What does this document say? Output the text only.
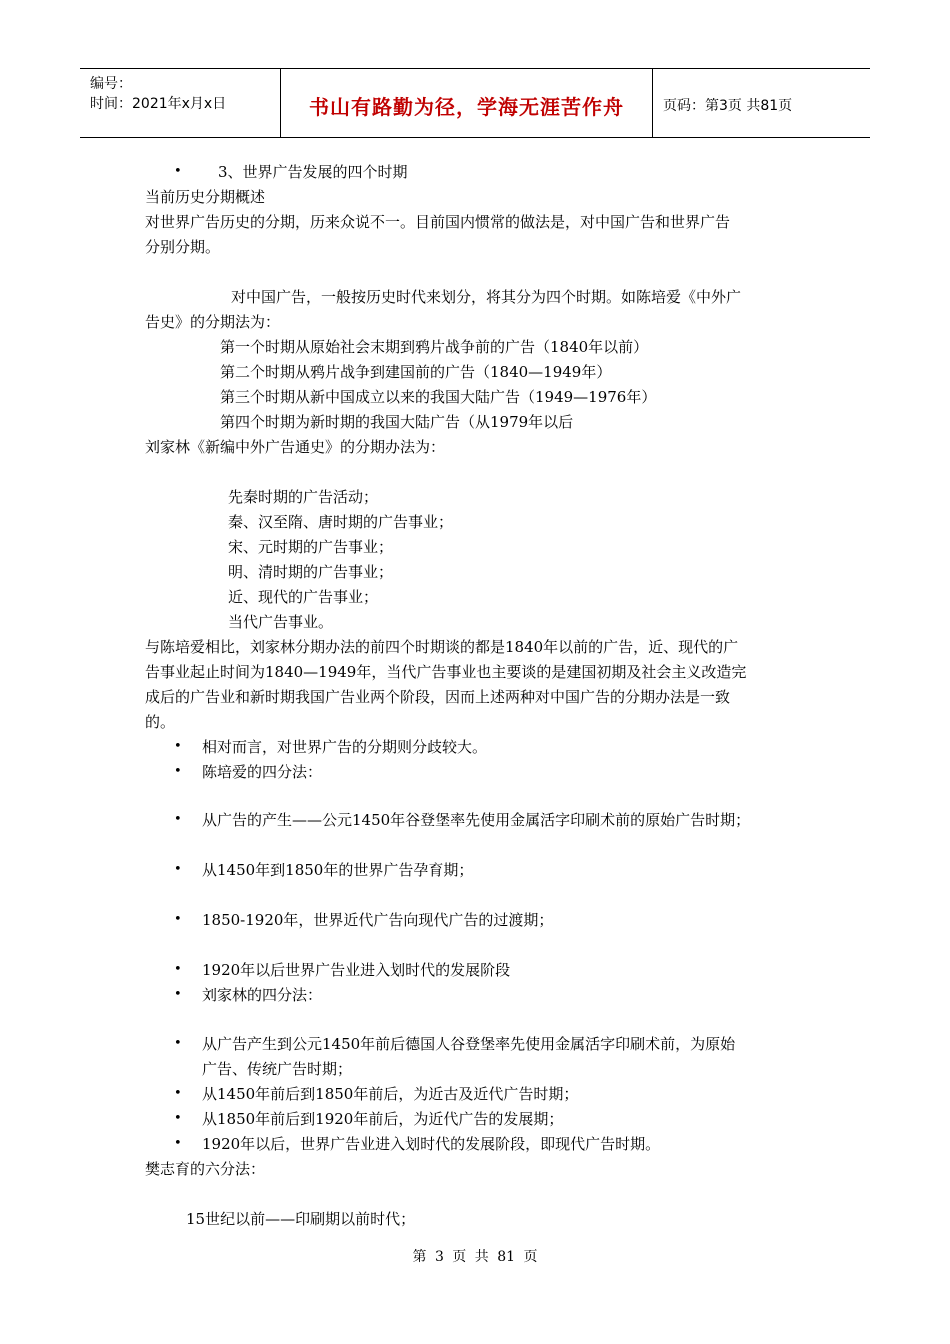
编号：
时间：2021年x月x日	书山有路勤为径，学海无涯苦作舟	页码：第3页 共81页
• 3、世界广告发展的四个时期
当前历史分期概述
对世界广告历史的分期，历来众说不一。目前国内惯常的做法是，对中国广告和世界广告
分别分期。
对中国广告，一般按历史时代来划分，将其分为四个时期。如陈培爱《中外广
告史》的分期法为：
第一个时期从原始社会末期到鸦片战争前的广告（1840年以前）
第二个时期从鸦片战争到建国前的广告（1840—1949年）
第三个时期从新中国成立以来的我国大陆广告（1949—1976年）
第四个时期为新时期的我国大陆广告（从1979年以后
刘家林《新编中外广告通史》的分期办法为：
先秦时期的广告活动；
秦、汉至隋、唐时期的广告事业；
宋、元时期的广告事业；
明、清时期的广告事业；
近、现代的广告事业；
当代广告事业。
与陈培爱相比，刘家林分期办法的前四个时期谈的都是1840年以前的广告，近、现代的广
告事业起止时间为1840—1949年，当代广告事业也主要谈的是建国初期及社会主义改造完
成后的广告业和新时期我国广告业两个阶段，因而上述两种对中国广告的分期办法是一致
的。
• 相对而言，对世界广告的分期则分歧较大。
• 陈培爱的四分法：
• 从广告的产生——公元1450年谷登堡率先使用金属活字印刷术前的原始广告时期；
• 从1450年到1850年的世界广告孕育期；
• 1850-1920年，世界近代广告向现代广告的过渡期；
• 1920年以后世界广告业进入划时代的发展阶段
• 刘家林的四分法：
• 从广告产生到公元1450年前后德国人谷登堡率先使用金属活字印刷术前，为原始
广告、传统广告时期；
• 从1450年前后到1850年前后，为近古及近代广告时期；
• 从1850年前后到1920年前后，为近代广告的发展期；
• 1920年以后，世界广告业进入划时代的发展阶段，即现代广告时期。
樊志育的六分法：
15世纪以前——印刷期以前时代；
第 3 页 共 81 页
